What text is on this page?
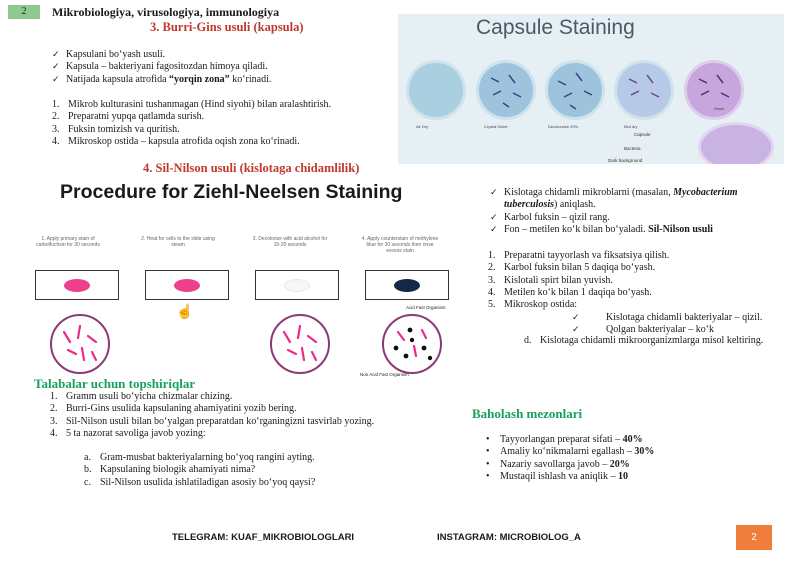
2	Mikrobiologiya, virusologiya, immunologiya
3. Burri-Gins usuli (kapsula)
✓ Kapsulani bo‘yash usuli.
✓ Kapsula – bakteriyani fagositozdan himoya qiladi.
✓ Natijada kapsula atrofida “yorqin zona” ko‘rinadi.
1. Mikrob kulturasini tushanmagan (Hind siyohi) bilan aralashtirish.
2. Preparatni yupqa qatlamda surish.
3. Fuksin tomizish va quritish.
4. Mikroskop ostida – kapsula atrofida oqish zona ko‘rinadi.
Capsule Staining
Air Dry	Crystal Violet	Decolourize 20%	Blot dry
Wash
Capsule
Bacteria
Dark background
4. Sil-Nilson usuli (kislotaga chidamlilik)
Procedure for Ziehl-Neelsen Staining
1. Apply primary stain of carbolfuchsin for 30 seconds
2. Heat for cells to the slide using steam
3. Decolorize with acid alcohol for 15-20 seconds
4. Apply counterstain of methylene blue for 30 seconds then rinse excess stain
☝	Acid Fast Organism
Non Acid Fast Organism
✓ Kislotaga chidamli mikroblarni (masalan, Mycobacterium tuberculosis) aniqlash.
✓ Karbol fuksin – qizil rang.
✓ Fon – metilen ko‘k bilan bo‘yaladi. Sil-Nilson usuli
1. Preparatni tayyorlash va fiksatsiya qilish.
2. Karbol fuksin bilan 5 daqiqa bo‘yash.
3. Kislotali spirt bilan yuvish.
4. Metilen ko‘k bilan 1 daqiqa bo‘yash.
5. Mikroskop ostida:
✓ Kislotaga chidamli bakteriyalar – qizil.
✓ Qolgan bakteriyalar – ko‘k
d. Kislotaga chidamli mikroorganizmlarga misol keltiring.
Talabalar uchun topshiriqlar
1. Gramm usuli bo‘yicha chizmalar chizing.
2. Burri-Gins usulida kapsulaning ahamiyatini yozib bering.
3. Sil-Nilson usuli bilan bo‘yalgan preparatdan ko‘rganingizni tasvirlab yozing.
4. 5 ta nazorat savoliga javob yozing:
a. Gram-musbat bakteriyalarning bo‘yoq rangini ayting.
b. Kapsulaning biologik ahamiyati nima?
c. Sil-Nilson usulida ishlatiladigan asosiy bo‘yoq qaysi?
Baholash mezonlari
• Tayyorlangan preparat sifati – 40%
• Amaliy ko‘nikmalarni egallash – 30%
• Nazariy savollarga javob – 20%
• Mustaqil ishlash va aniqlik – 10
TELEGRAM: KUAF_MIKROBIOLOGLARI	INSTAGRAM: MICROBIOLOG_A	2
